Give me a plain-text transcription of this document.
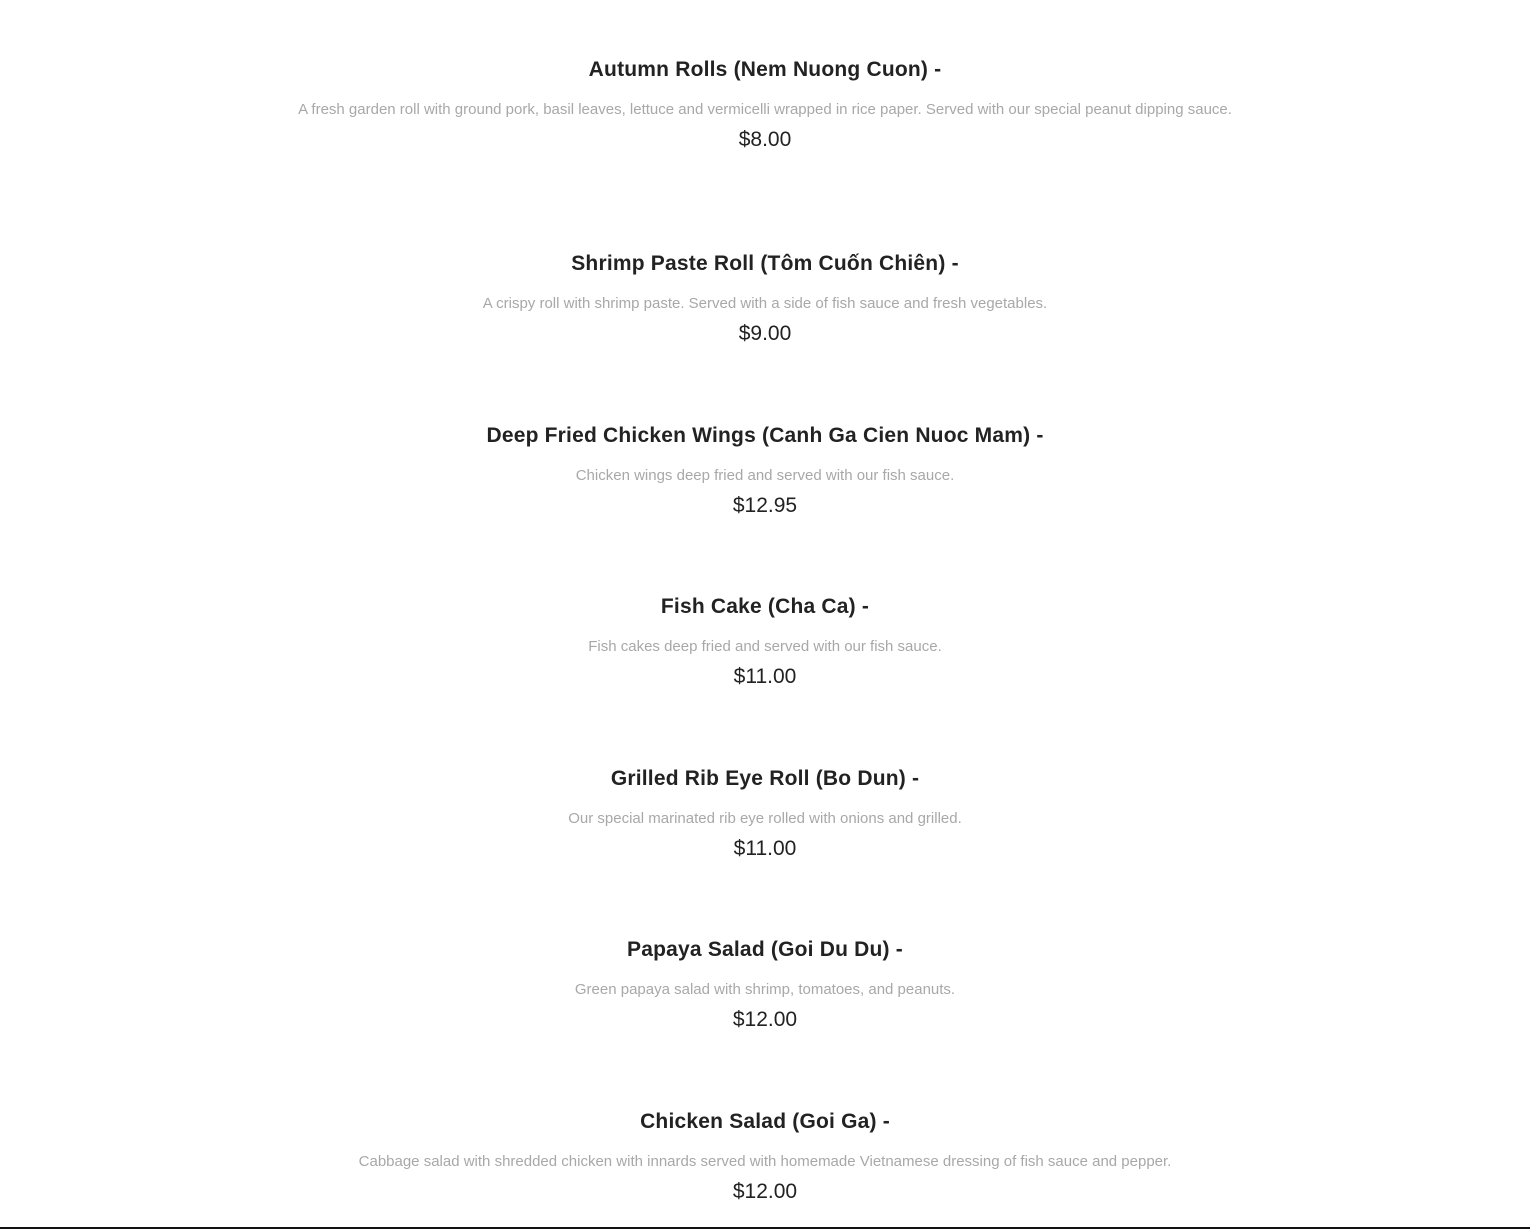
Autumn Rolls (Nem Nuong Cuon) -

A fresh garden roll with ground pork, basil leaves, lettuce and vermicelli wrapped in rice paper. Served with our special peanut dipping sauce.

$8.00
Shrimp Paste Roll (Tôm Cuốn Chiên) -

A crispy roll with shrimp paste. Served with a side of fish sauce and fresh vegetables.

$9.00
Deep Fried Chicken Wings (Canh Ga Cien Nuoc Mam) -

Chicken wings deep fried and served with our fish sauce.

$12.95
Fish Cake (Cha Ca) -

Fish cakes deep fried and served with our fish sauce.

$11.00
Grilled Rib Eye Roll (Bo Dun) -

Our special marinated rib eye rolled with onions and grilled.

$11.00
Papaya Salad (Goi Du Du) -

Green papaya salad with shrimp, tomatoes, and peanuts.

$12.00
Chicken Salad (Goi Ga) -

Cabbage salad with shredded chicken with innards served with homemade Vietnamese dressing of fish sauce and pepper.

$12.00
